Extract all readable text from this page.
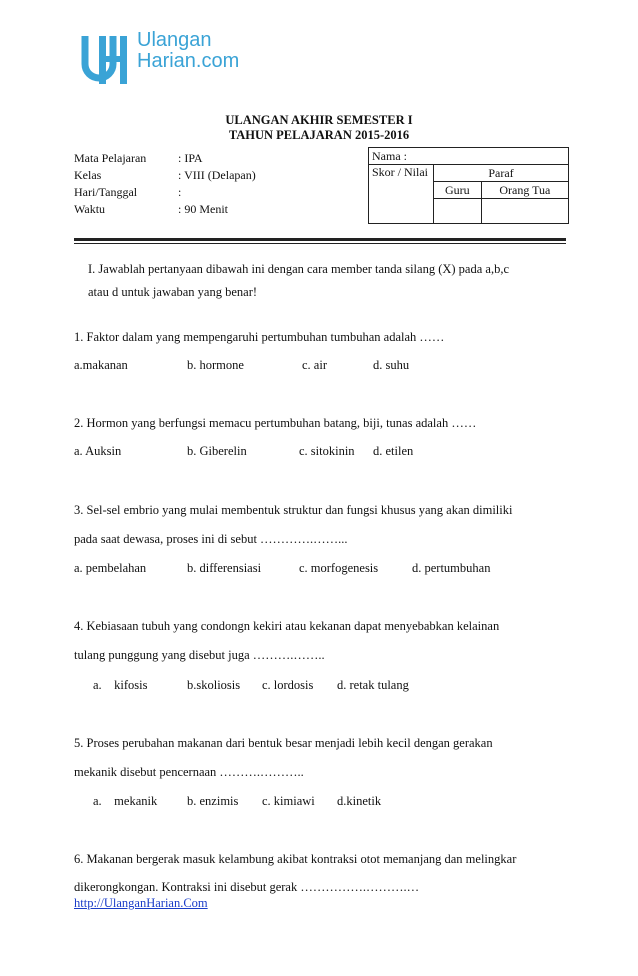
Ulangan
Harian.com
ULANGAN AKHIR SEMESTER I
TAHUN PELAJARAN 2015-2016
Mata Pelajaran	: IPA
Kelas	: VIII (Delapan)
Hari/Tanggal	:
Waktu	: 90 Menit
Nama :		
Skor / Nilai	Paraf	
	Guru	Orang Tua

I. Jawablah pertanyaan dibawah ini dengan cara member tanda silang (X) pada a,b,c
atau d untuk jawaban yang benar!
1. Faktor dalam yang mempengaruhi pertumbuhan tumbuhan adalah ……
a.makanan	b. hormone	c. air	d. suhu
2. Hormon yang berfungsi memacu pertumbuhan batang, biji, tunas adalah ……
a. Auksin	b. Giberelin	c. sitokinin d. etilen
3. Sel-sel embrio yang mulai membentuk struktur dan fungsi khusus yang akan dimiliki
pada saat dewasa, proses ini di sebut ………….……...
a. pembelahan	b. differensiasi	c. morfogenesis	d. pertumbuhan
4. Kebiasaan tubuh yang condongn kekiri atau kekanan dapat menyebabkan kelainan
tulang punggung yang disebut juga ……….……..
a.    kifosis	b.skoliosis c. lordosis d. retak tulang
5. Proses perubahan makanan dari bentuk besar menjadi lebih kecil dengan gerakan
mekanik disebut pencernaan ……….………..
a.    mekanik b. enzimis c. kimiawi d.kinetik
6. Makanan bergerak masuk kelambung akibat kontraksi otot memanjang dan melingkar
dikerongkongan. Kontraksi ini disebut gerak …………….……….…
http://UlanganHarian.Com
